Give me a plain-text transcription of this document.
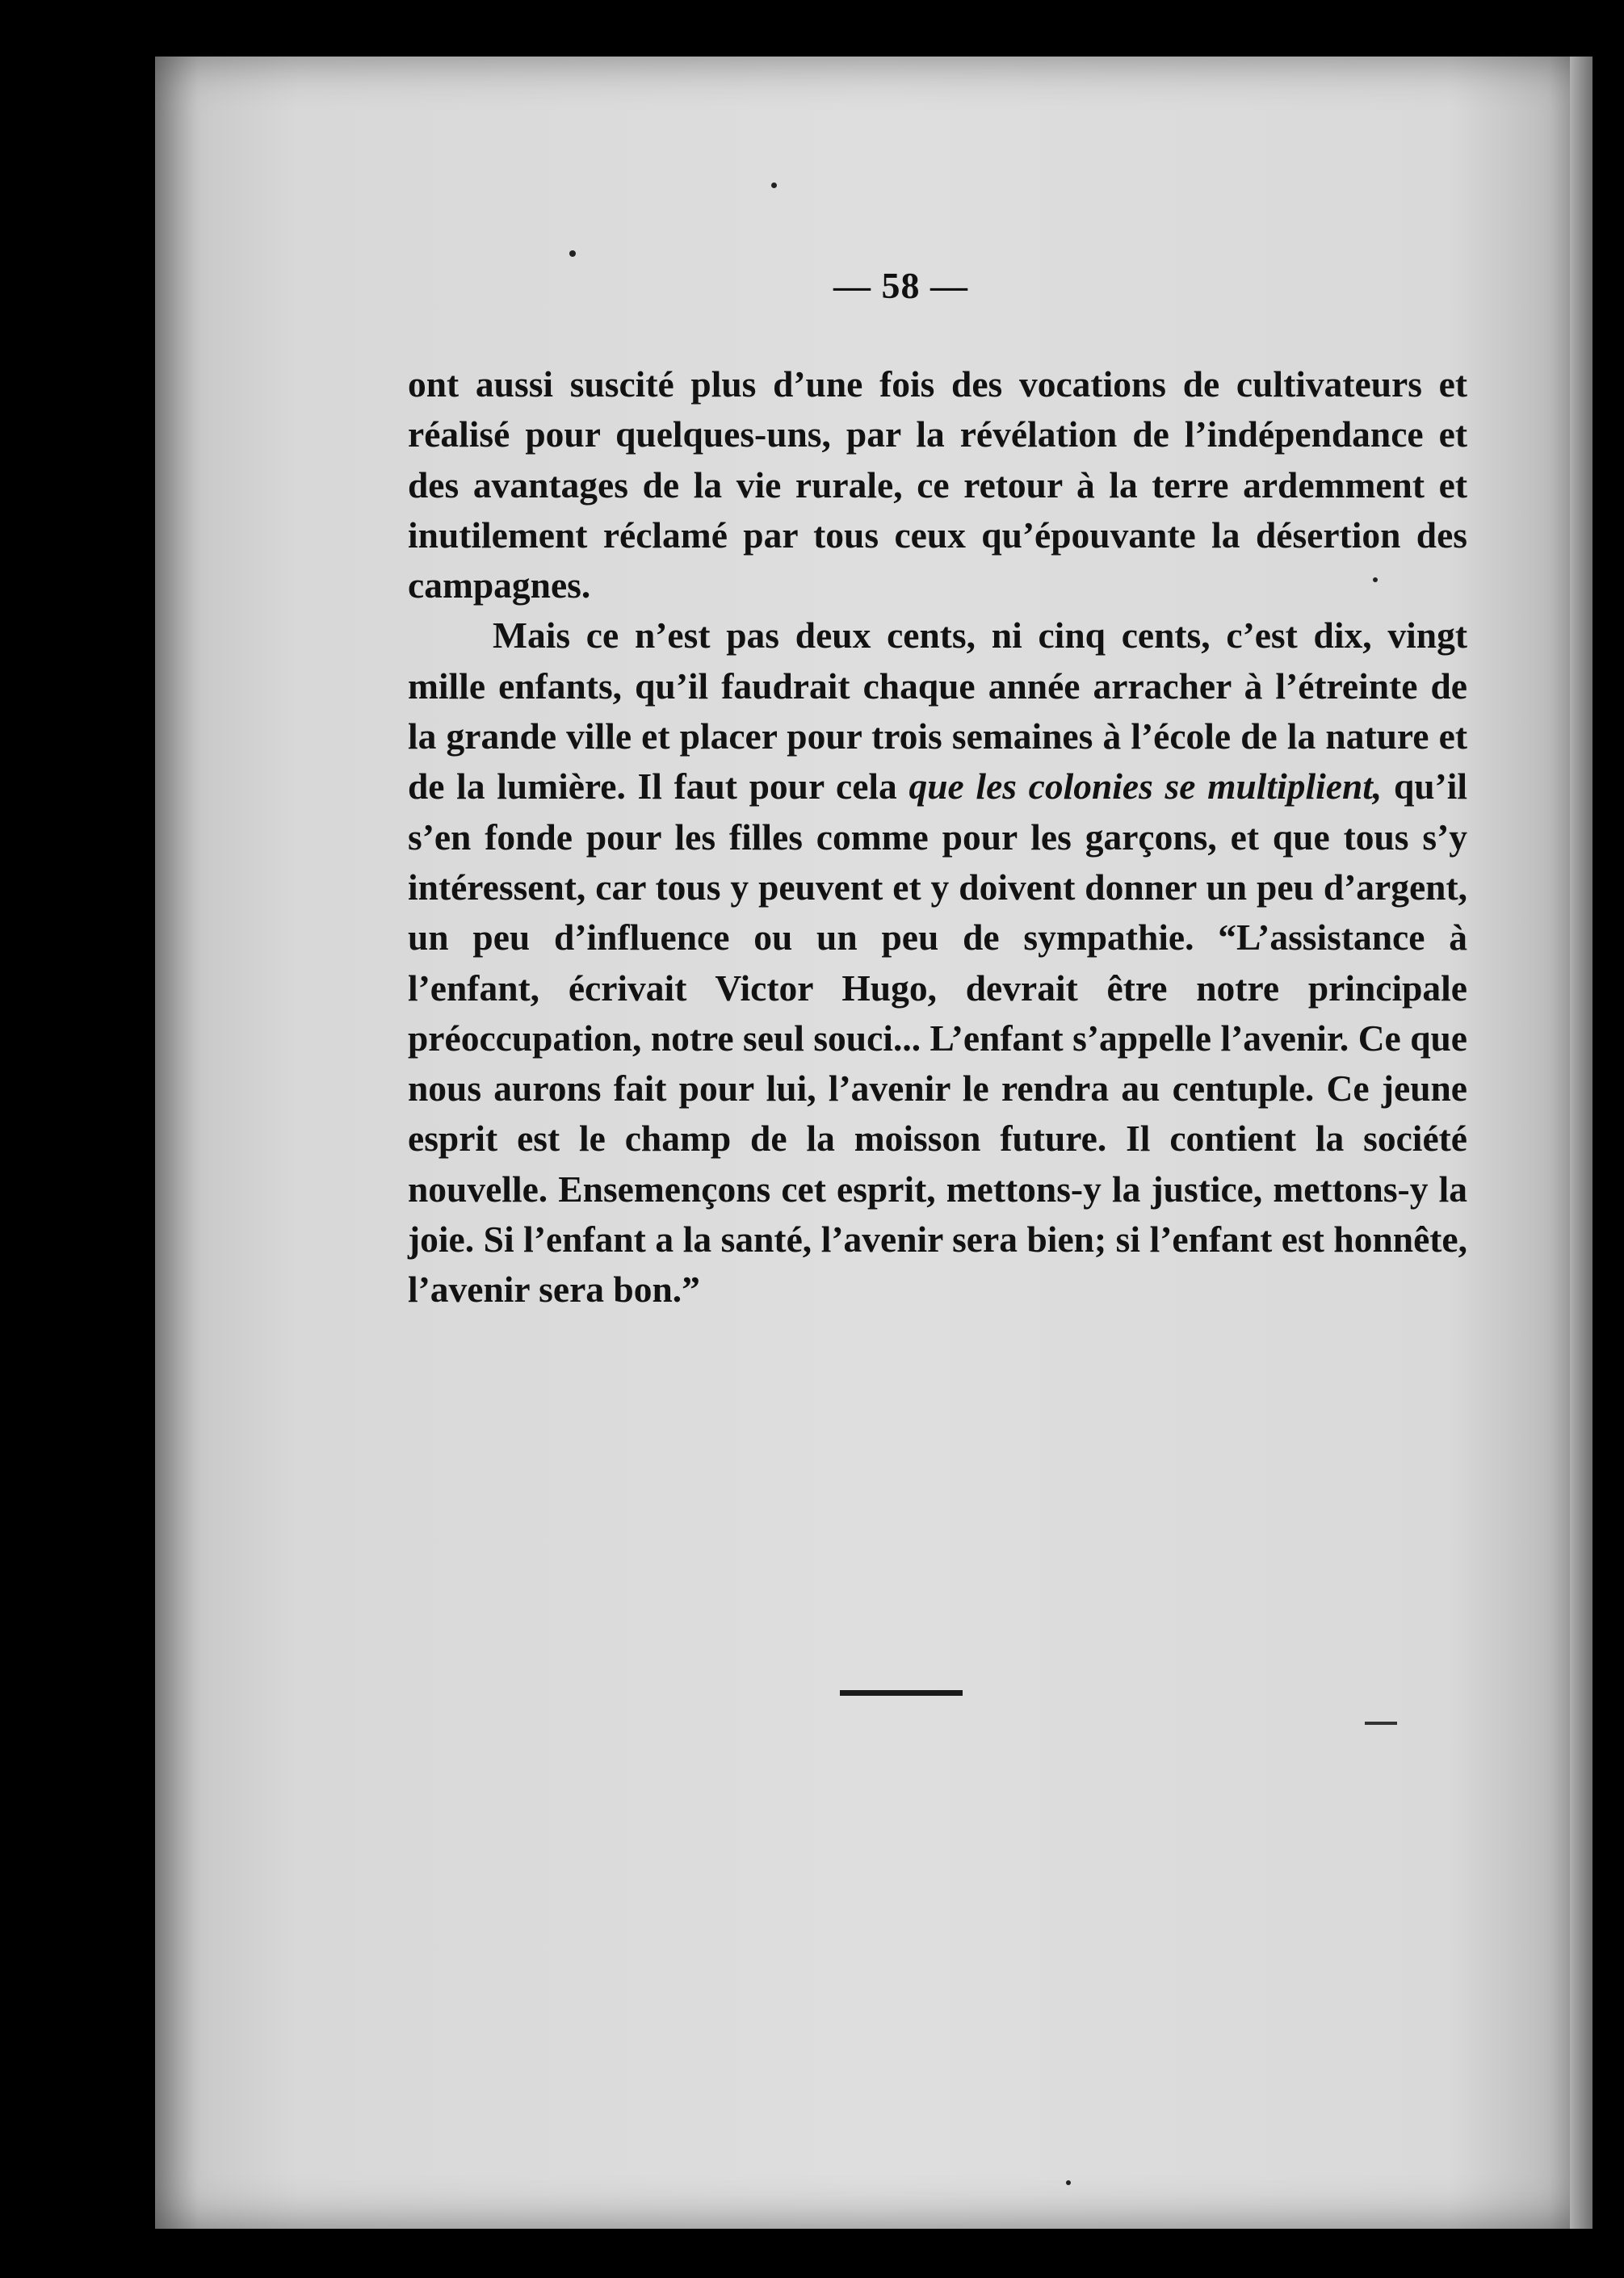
— 58 —

ont aussi suscité plus d’une fois des vocations de cultivateurs et réalisé pour quelques-uns, par la révélation de l’indépendance et des avantages de la vie rurale, ce retour à la terre ardemment et inutilement réclamé par tous ceux qu’épouvante la désertion des campagnes.

Mais ce n’est pas deux cents, ni cinq cents, c’est dix, vingt mille enfants, qu’il faudrait chaque année arracher à l’étreinte de la grande ville et placer pour trois semaines à l’école de la nature et de la lumière. Il faut pour cela que les colonies se multiplient, qu’il s’en fonde pour les filles comme pour les garçons, et que tous s’y intéressent, car tous y peuvent et y doivent donner un peu d’argent, un peu d’influence ou un peu de sympathie. “L’assistance à l’enfant, écrivait Victor Hugo, devrait être notre principale préoccupation, notre seul souci... L’enfant s’appelle l’avenir. Ce que nous aurons fait pour lui, l’avenir le rendra au centuple. Ce jeune esprit est le champ de la moisson future. Il contient la société nouvelle. Ensemençons cet esprit, mettons-y la justice, mettons-y la joie. Si l’enfant a la santé, l’avenir sera bien; si l’enfant est honnête, l’avenir sera bon.”
